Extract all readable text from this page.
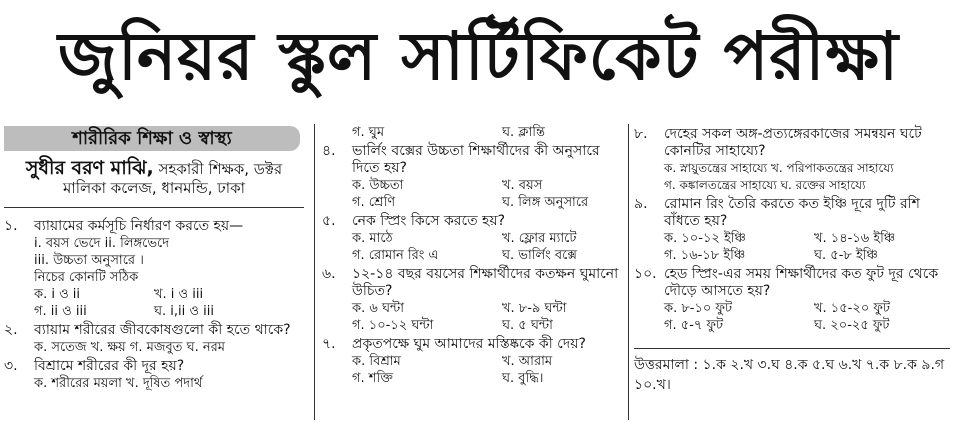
জুনিয়র স্কুল সার্টিফিকেট পরীক্ষা
শারীরিক শিক্ষা ও স্বাস্থ্য
সুধীর বরণ মাঝি, সহকারী শিক্ষক, ডক্টর
মালিকা কলেজ, ধানমন্ডি, ঢাকা
১.	ব্যায়ামের কর্মসূচি নির্ধারণ করতে হয়—
i. বয়স ভেদে ii. লিঙ্গভেদে
iii. উচ্চতা অনুসারে ।
নিচের কোনটি সঠিক
ক. i ও ii	খ. i ও iii
গ. ii ও iii	ঘ. i,ii ও iii
২.	ব্যায়াম শরীরের জীবকোষগুলো কী হতে থাকে?
ক. সতেজ খ. ক্ষয় গ. মজবুত ঘ. নরম
৩.	বিশ্রামে শরীরের কী দূর হয়?
ক. শরীরের ময়লা খ. দূষিত পদার্থ
গ. ঘুম	ঘ. ক্লান্তি
৪.	ভার্লিং বক্সের উচ্চতা শিক্ষার্থীদের কী অনুসারে দিতে হয়?
ক. উচ্চতা	খ. বয়স
গ. শ্রেণি	ঘ. লিঙ্গ অনুসারে
৫.	নেক স্প্রিং কিসে করতে হয়?
ক. মাঠে	খ. ফ্লোর ম্যাটে
গ. রোমান রিং এ	ঘ. ভার্লিং বক্সে
৬.	১২-১৪ বছর বয়সের শিক্ষার্থীদের কতক্ষন ঘুমানো উচিত?
ক. ৬ ঘন্টা	খ. ৮-৯ ঘন্টা
গ. ১০-১২ ঘন্টা	ঘ. ৫ ঘন্টা
৭.	প্রকৃতপক্ষে ঘুম আমাদের মস্তিষ্ককে কী দেয়?
ক. বিশ্রাম	খ. আরাম
গ. শক্তি	ঘ. বুদ্ধি।
৮.	দেহের সকল অঙ্গ-প্রত্যঙ্গেরকাজের সমন্বয়ন ঘটে কোনটির সাহায্যে?
ক. স্নায়ুতন্ত্রের সাহায্যে খ. পরিপাকতন্ত্রের সাহায্যে
গ. কঙ্কালতন্ত্রের সাহায্যে ঘ. রক্তের সাহায্যে
৯.	রোমান রিং তৈরি করতে কত ইঞ্চি দূরে দুটি রশি বাঁধতে হয়?
ক. ১০-১২ ইঞ্চি	খ. ১৪-১৬ ইঞ্চি
গ. ১৬-১৮ ইঞ্চি	ঘ. ৫-৮ ইঞ্চি
১০. হেড স্প্রিং-এর সময় শিক্ষার্থীদের কত ফুট দূর থেকে দৌড়ে আসতে হয়?
ক. ৮-১০ ফুট	খ. ১৫-২০ ফুট
গ. ৫-৭ ফুট	ঘ. ২০-২৫ ফুট
উত্তরমালা : ১.ক ২.খ ৩.ঘ ৪.ক ৫.ঘ ৬.খ ৭.ক ৮.ক ৯.গ ১০.খ।
